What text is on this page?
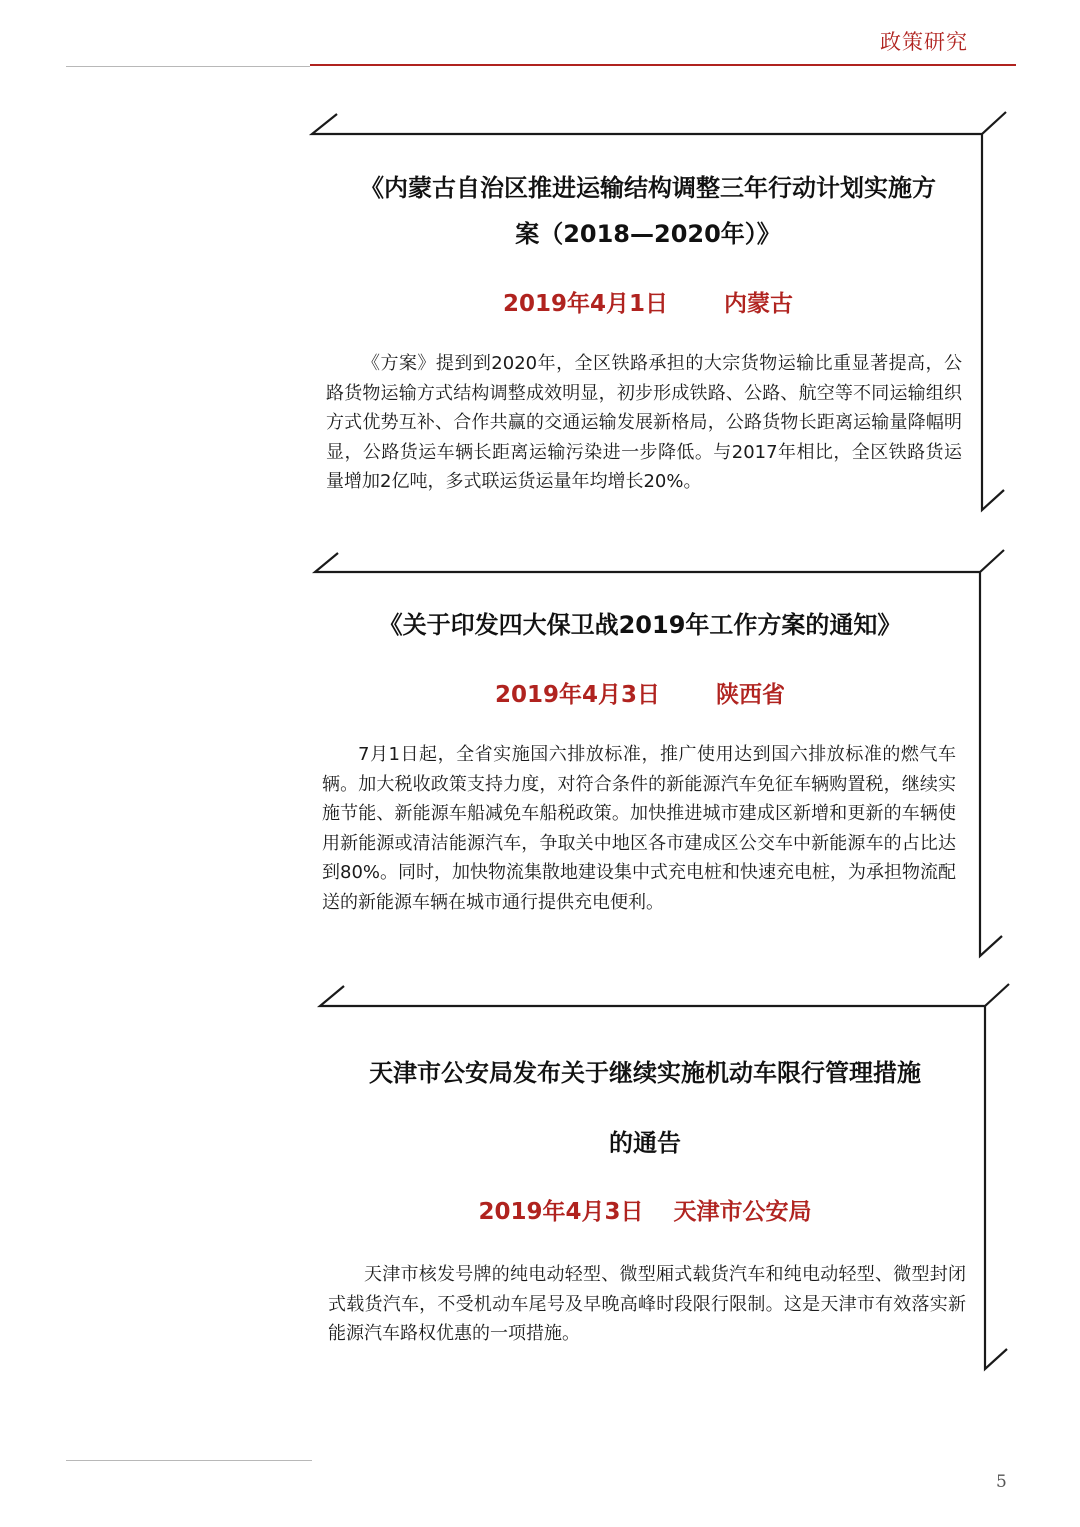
政策研究
《内蒙古自治区推进运输结构调整三年行动计划实施方
案（2018—2020年）》
2019年4月1日 内蒙古
《方案》提到到2020年，全区铁路承担的大宗货物运输比重显著提高，公路货物运输方式结构调整成效明显，初步形成铁路、公路、航空等不同运输组织方式优势互补、合作共赢的交通运输发展新格局，公路货物长距离运输量降幅明显，公路货运车辆长距离运输污染进一步降低。与2017年相比，全区铁路货运量增加2亿吨，多式联运货运量年均增长20%。
《关于印发四大保卫战2019年工作方案的通知》
2019年4月3日 陕西省
7月1日起，全省实施国六排放标准，推广使用达到国六排放标准的燃气车辆。加大税收政策支持力度，对符合条件的新能源汽车免征车辆购置税，继续实施节能、新能源车船减免车船税政策。加快推进城市建成区新增和更新的车辆使用新能源或清洁能源汽车，争取关中地区各市建成区公交车中新能源车的占比达到80%。同时，加快物流集散地建设集中式充电桩和快速充电桩，为承担物流配送的新能源车辆在城市通行提供充电便利。
天津市公安局发布关于继续实施机动车限行管理措施
的通告
2019年4月3日 天津市公安局
天津市核发号牌的纯电动轻型、微型厢式载货汽车和纯电动轻型、微型封闭式载货汽车，不受机动车尾号及早晚高峰时段限行限制。这是天津市有效落实新能源汽车路权优惠的一项措施。
5
